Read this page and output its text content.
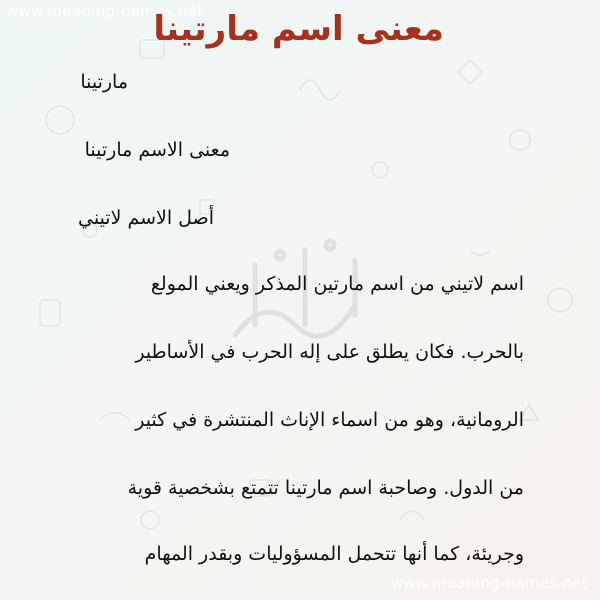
www.meaning-names.net
معنى اسم مارتينا
مارتينا
معنى الاسم مارتينا
أصل الاسم لاتيني
اسم لاتيني من اسم مارتين المذكر ويعني المولع
بالحرب. فكان يطلق على إله الحرب في الأساطير
الرومانية، وهو من اسماء الإناث المنتشرة في كثير
من الدول. وصاحبة اسم مارتينا تتمتع بشخصية قوية
وجريئة، كما أنها تتحمل المسؤوليات وبقدر المهام
www.meaning-names.net
